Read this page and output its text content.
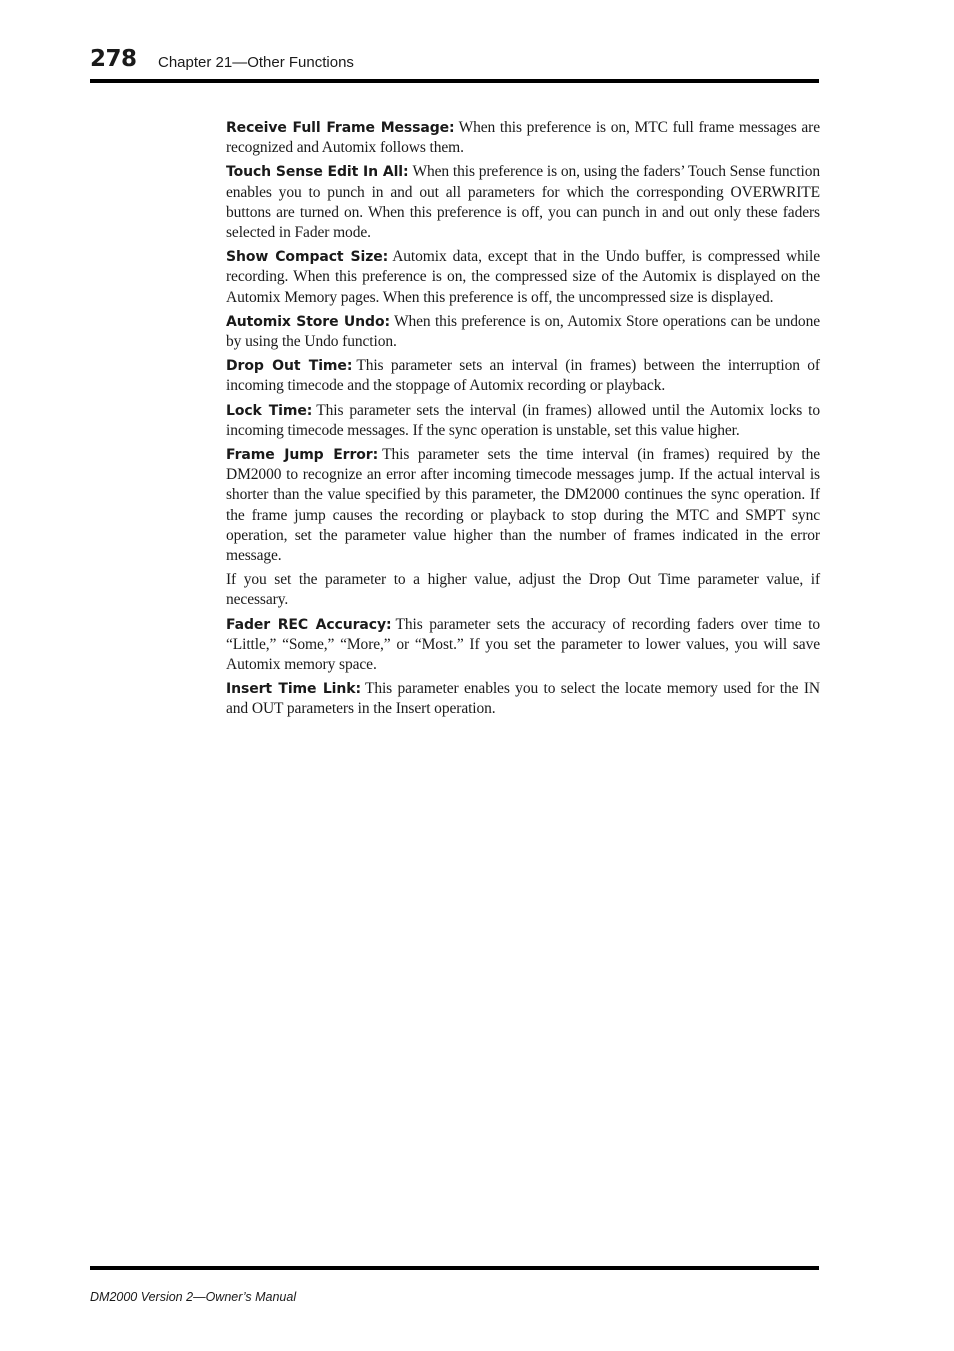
278 Chapter 21—Other Functions

Receive Full Frame Message: When this preference is on, MTC full frame messages are recognized and Automix follows them.

Touch Sense Edit In All: When this preference is on, using the faders’ Touch Sense function enables you to punch in and out all parameters for which the corresponding OVERWRITE buttons are turned on. When this preference is off, you can punch in and out only these faders selected in Fader mode.

Show Compact Size: Automix data, except that in the Undo buffer, is compressed while recording. When this preference is on, the compressed size of the Automix is displayed on the Automix Memory pages. When this preference is off, the uncompressed size is displayed.

Automix Store Undo: When this preference is on, Automix Store operations can be undone by using the Undo function.

Drop Out Time: This parameter sets an interval (in frames) between the interruption of incoming timecode and the stoppage of Automix recording or playback.

Lock Time: This parameter sets the interval (in frames) allowed until the Automix locks to incoming timecode messages. If the sync operation is unstable, set this value higher.

Frame Jump Error: This parameter sets the time interval (in frames) required by the DM2000 to recognize an error after incoming timecode messages jump. If the actual interval is shorter than the value specified by this parameter, the DM2000 continues the sync operation. If the frame jump causes the recording or playback to stop during the MTC and SMPT sync operation, set the parameter value higher than the number of frames indicated in the error message.

If you set the parameter to a higher value, adjust the Drop Out Time parameter value, if necessary.

Fader REC Accuracy: This parameter sets the accuracy of recording faders over time to “Little,” “Some,” “More,” or “Most.” If you set the parameter to lower values, you will save Automix memory space.

Insert Time Link: This parameter enables you to select the locate memory used for the IN and OUT parameters in the Insert operation.

DM2000 Version 2—Owner’s Manual
